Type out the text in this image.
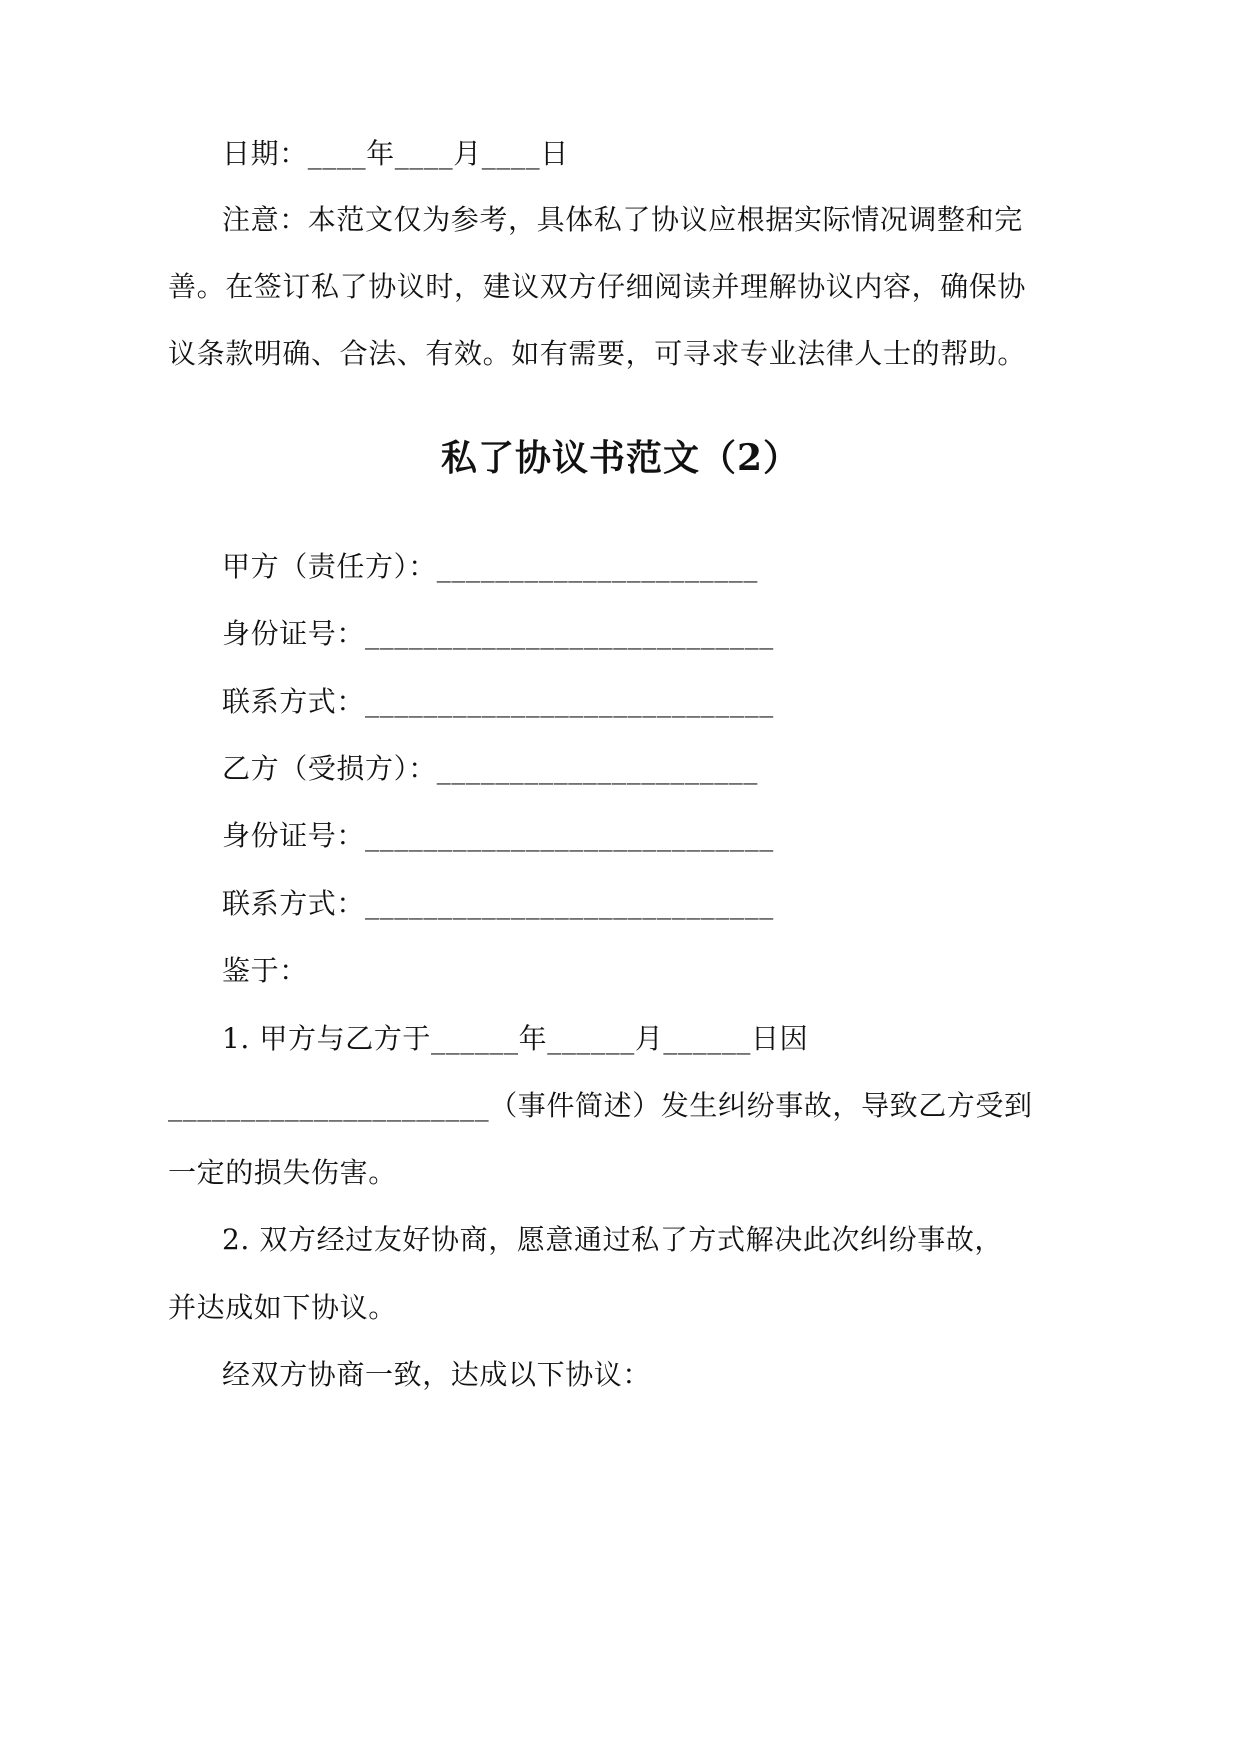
日期：____年____月____日
注意：本范文仅为参考，具体私了协议应根据实际情况调整和完
善。在签订私了协议时，建议双方仔细阅读并理解协议内容，确保协
议条款明确、合法、有效。如有需要，可寻求专业法律人士的帮助。
私了协议书范文（2）
甲方（责任方）：______________________
身份证号：____________________________
联系方式：____________________________
乙方（受损方）：______________________
身份证号：____________________________
联系方式：____________________________
鉴于：
1. 甲方与乙方于______年______月______日因
______________________（事件简述）发生纠纷事故，导致乙方受到
一定的损失伤害。
2. 双方经过友好协商，愿意通过私了方式解决此次纠纷事故，
并达成如下协议。
经双方协商一致，达成以下协议：
